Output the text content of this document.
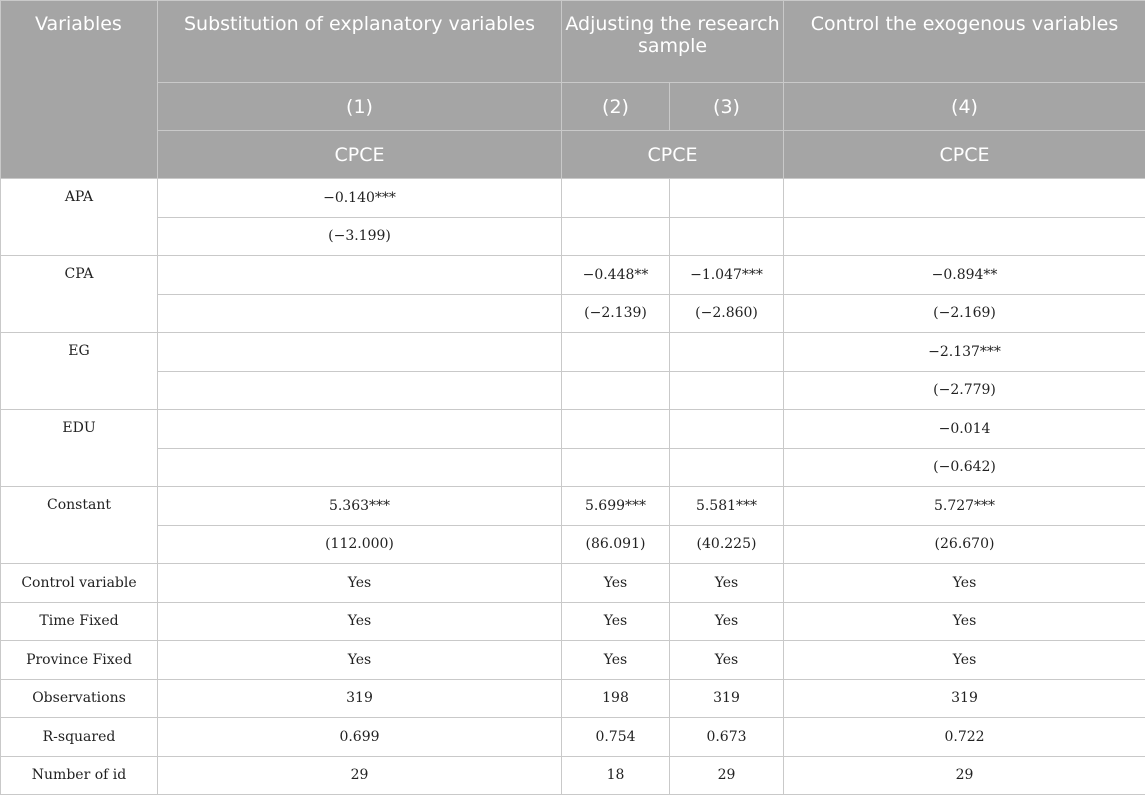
Variables	Substitution of explanatory variables	Adjusting the research sample		Control the exogenous variables
	(1)	(2)	(3)	(4)
	CPCE	CPCE		CPCE
APA	−0.140***			
	(−3.199)			
CPA		−0.448**	−1.047***	−0.894**
		(−2.139)	(−2.860)	(−2.169)
EG				−2.137***
				(−2.779)
EDU				−0.014
				(−0.642)
Constant	5.363***	5.699***	5.581***	5.727***
	(112.000)	(86.091)	(40.225)	(26.670)
Control variable	Yes	Yes	Yes	Yes
Time Fixed	Yes	Yes	Yes	Yes
Province Fixed	Yes	Yes	Yes	Yes
Observations	319	198	319	319
R-squared	0.699	0.754	0.673	0.722
Number of id	29	18	29	29
